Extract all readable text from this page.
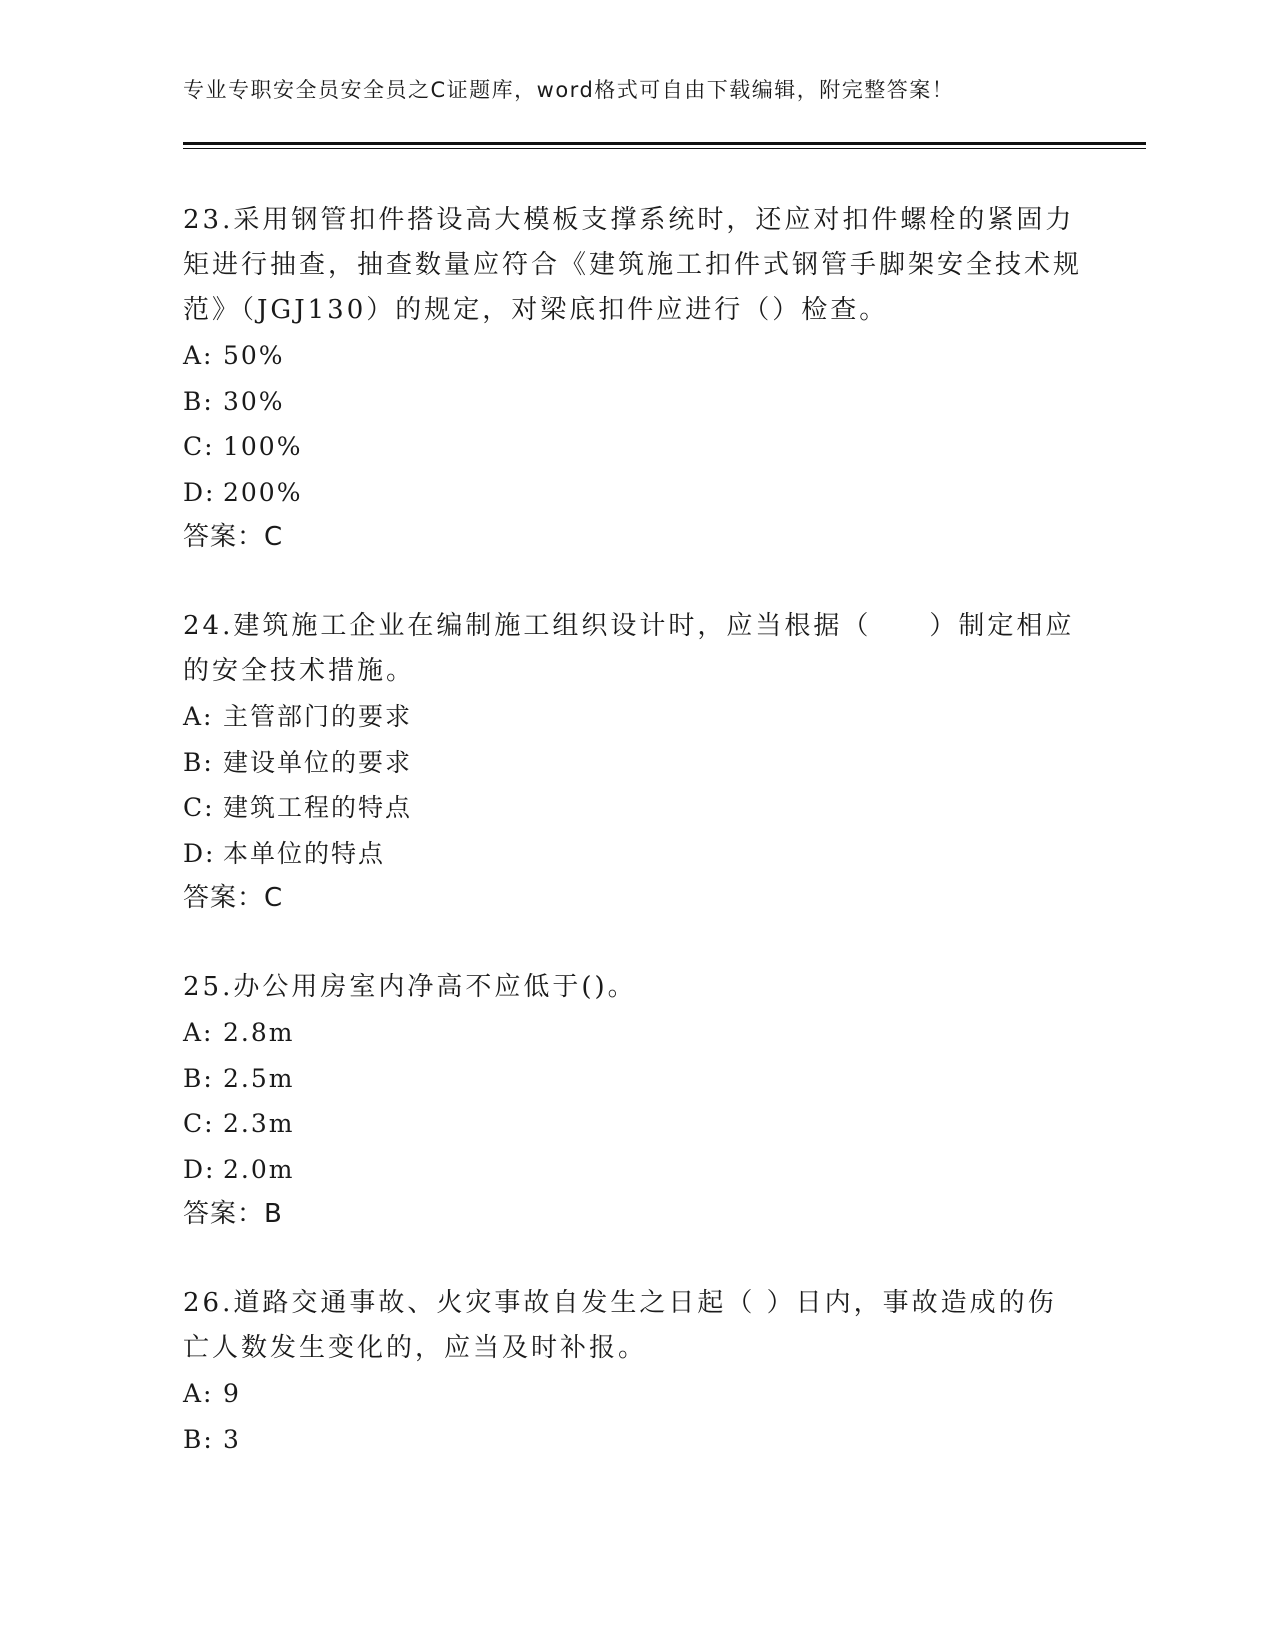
专业专职安全员安全员之C证题库，word格式可自由下载编辑，附完整答案！

23.采用钢管扣件搭设高大模板支撑系统时，还应对扣件螺栓的紧固力矩进行抽查，抽查数量应符合《建筑施工扣件式钢管手脚架安全技术规范》（JGJ130）的规定，对梁底扣件应进行（）检查。

A: 50%
B: 30%
C: 100%
D: 200%
答案：C

24.建筑施工企业在编制施工组织设计时，应当根据（　　）制定相应的安全技术措施。

A: 主管部门的要求
B: 建设单位的要求
C: 建筑工程的特点
D: 本单位的特点
答案：C

25.办公用房室内净高不应低于()。

A: 2.8m
B: 2.5m
C: 2.3m
D: 2.0m
答案：B

26.道路交通事故、火灾事故自发生之日起（ ）日内，事故造成的伤亡人数发生变化的，应当及时补报。

A: 9
B: 3
